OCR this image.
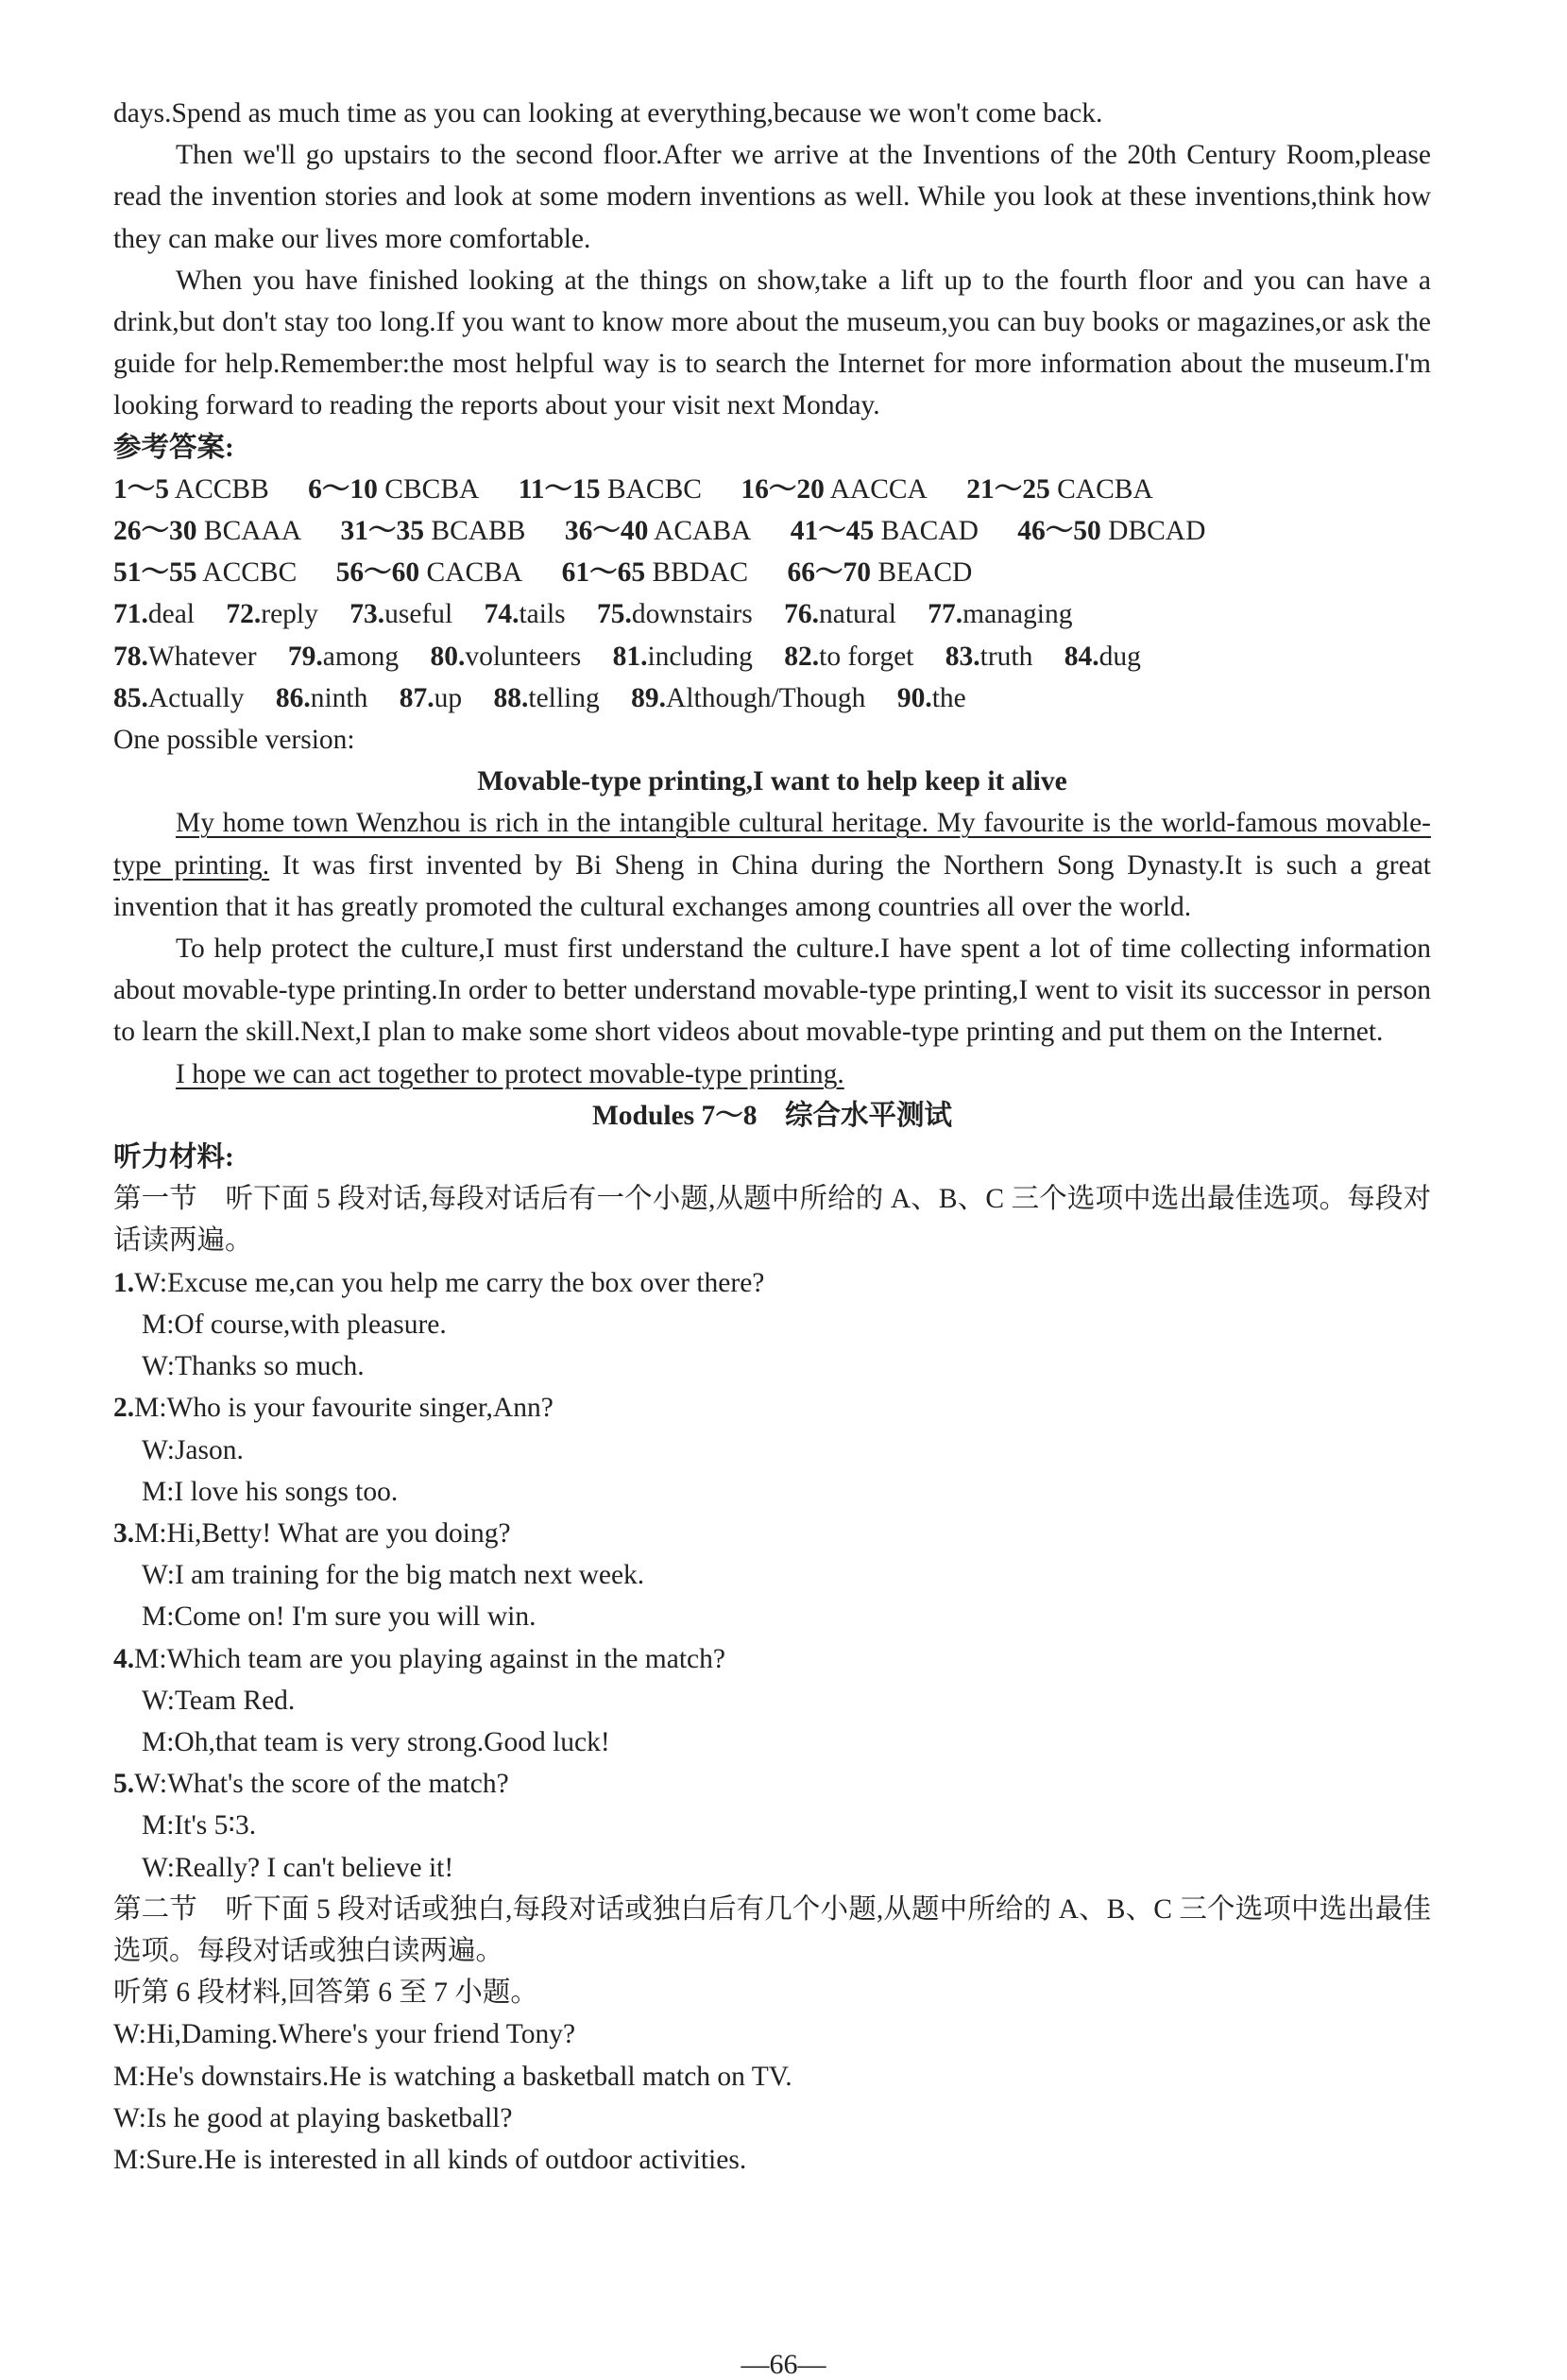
days.Spend as much time as you can looking at everything,because we won't come back.

Then we'll go upstairs to the second floor.After we arrive at the Inventions of the 20th Century Room,please read the invention stories and look at some modern inventions as well. While you look at these inventions,think how they can make our lives more comfortable.

When you have finished looking at the things on show,take a lift up to the fourth floor and you can have a drink,but don't stay too long.If you want to know more about the museum,you can buy books or magazines,or ask the guide for help.Remember:the most helpful way is to search the Internet for more information about the museum.I'm looking forward to reading the reports about your visit next Monday.

参考答案:

1～5 ACCBB 6～10 CBCBA 11～15 BACBC 16～20 AACCA 21～25 CACBA

26～30 BCAAA 31～35 BCABB 36～40 ACABA 41～45 BACAD 46～50 DBCAD

51～55 ACCBC 56～60 CACBA 61～65 BBDAC 66～70 BEACD

71.deal 72.reply 73.useful 74.tails 75.downstairs 76.natural 77.managing

78.Whatever 79.among 80.volunteers 81.including 82.to forget 83.truth 84.dug

85.Actually 86.ninth 87.up 88.telling 89.Although/Though 90.the

One possible version:

Movable-type printing,I want to help keep it alive

My home town Wenzhou is rich in the intangible cultural heritage. My favourite is the world-famous movable-type printing. It was first invented by Bi Sheng in China during the Northern Song Dynasty.It is such a great invention that it has greatly promoted the cultural exchanges among countries all over the world.

To help protect the culture,I must first understand the culture.I have spent a lot of time collecting information about movable-type printing.In order to better understand movable-type printing,I went to visit its successor in person to learn the skill.Next,I plan to make some short videos about movable-type printing and put them on the Internet.

I hope we can act together to protect movable-type printing.

Modules 7～8　综合水平测试

听力材料:

第一节　听下面 5 段对话,每段对话后有一个小题,从题中所给的 A、B、C 三个选项中选出最佳选项。每段对话读两遍。

1.W:Excuse me,can you help me carry the box over there?

M:Of course,with pleasure.

W:Thanks so much.

2.M:Who is your favourite singer,Ann?

W:Jason.

M:I love his songs too.

3.M:Hi,Betty! What are you doing?

W:I am training for the big match next week.

M:Come on! I'm sure you will win.

4.M:Which team are you playing against in the match?

W:Team Red.

M:Oh,that team is very strong.Good luck!

5.W:What's the score of the match?

M:It's 5∶3.

W:Really? I can't believe it!

第二节　听下面 5 段对话或独白,每段对话或独白后有几个小题,从题中所给的 A、B、C 三个选项中选出最佳选项。每段对话或独白读两遍。

听第 6 段材料,回答第 6 至 7 小题。

W:Hi,Daming.Where's your friend Tony?

M:He's downstairs.He is watching a basketball match on TV.

W:Is he good at playing basketball?

M:Sure.He is interested in all kinds of outdoor activities.

—66—
